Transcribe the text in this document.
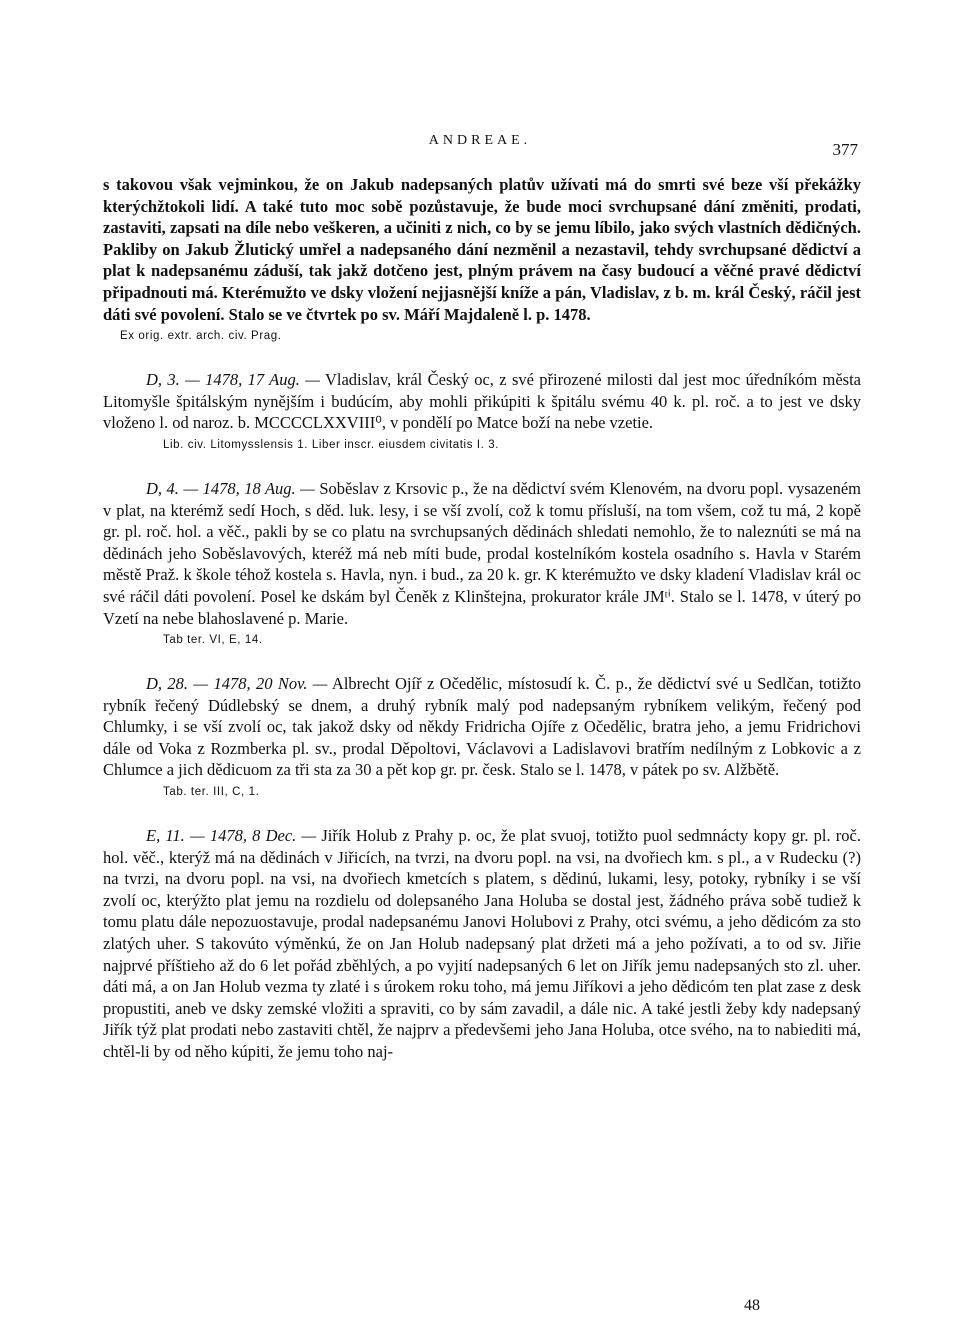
ANDREAE.	377

s takovou však vejminkou, že on Jakub nadepsaných platův užívati má do smrti své beze vší překážky kterýchžtokoli lidí. A také tuto moc sobě pozůstavuje, že bude moci svrchupsané dání změniti, prodati, zastaviti, zapsati na díle nebo veškeren, a učiniti z nich, co by se jemu líbilo, jako svých vlastních dědičných. Pakliby on Jakub Žlutický umřel a nadepsaného dání nezměnil a nezastavil, tehdy svrchupsané dědictví a plat k nadepsanému záduší, tak jakž dotčeno jest, plným právem na časy budoucí a věčné pravé dědictví připadnouti má. Kterémužto ve dsky vložení nejjasnější kníže a pán, Vladislav, z b. m. král Český, ráčil jest dáti své povolení. Stalo se ve čtvrtek po sv. Máří Majdaleně l. p. 1478.

Ex orig. extr. arch. civ. Prag.

D, 3. — 1478, 17 Aug. — Vladislav, král Český oc, z své přirozené milosti dal jest moc úředníkóm města Litomyšle špitálským nynějším i budúcím, aby mohli přikúpiti k špitálu svému 40 k. pl. roč. a to jest ve dsky vloženo l. od naroz. b. MCCCCLXXVIII⁰, v pondělí po Matce boží na nebe vzetie.

Lib. civ. Litomysslensis 1. Liber inscr. eiusdem civitatis I. 3.

D, 4. — 1478, 18 Aug. — Soběslav z Krsovic p., že na dědictví svém Klenovém, na dvoru popl. vysazeném v plat, na kterémž sedí Hoch, s děd. luk. lesy, i se vší zvolí, což k tomu přísluší, na tom všem, což tu má, 2 kopě gr. pl. roč. hol. a věč., pakli by se co platu na svrchupsaných dědinách shledati nemohlo, že to naleznúti se má na dědinách jeho Soběslavových, kteréž má neb míti bude, prodal kostelníkóm kostela osadního s. Havla v Starém městě Praž. k škole téhož kostela s. Havla, nyn. i bud., za 20 k. gr. K kterémužto ve dsky kladení Vladislav král oc své ráčil dáti povolení. Posel ke dskám byl Čeněk z Klinštejna, prokurator krále JMᵗⁱ. Stalo se l. 1478, v úterý po Vzetí na nebe blahoslavené p. Marie.

Tab ter. VI, E, 14.

D, 28. — 1478, 20 Nov. — Albrecht Ojíř z Očedělic, místosudí k. Č. p., že dědictví své u Sedlčan, totižto rybník řečený Dúdlebský se dnem, a druhý rybník malý pod nadepsaným rybníkem velikým, řečený pod Chlumky, i se vší zvolí oc, tak jakož dsky od někdy Fridricha Ojíře z Očedělic, bratra jeho, a jemu Fridrichovi dále od Voka z Rozmberka pl. sv., prodal Děpoltovi, Václavovi a Ladislavovi bratřím nedílným z Lobkovic a z Chlumce a jich dědicuom za tři sta za 30 a pět kop gr. pr. česk. Stalo se l. 1478, v pátek po sv. Alžbětě.

Tab. ter. III, C, 1.

E, 11. — 1478, 8 Dec. — Jiřík Holub z Prahy p. oc, že plat svuoj, totižto puol sedmnácty kopy gr. pl. roč. hol. věč., kterýž má na dědinách v Jiřicích, na tvrzi, na dvoru popl. na vsi, na dvořiech km. s pl., a v Rudecku (?) na tvrzi, na dvoru popl. na vsi, na dvořiech kmetcích s platem, s dědinú, lukami, lesy, potoky, rybníky i se vší zvolí oc, kterýžto plat jemu na rozdielu od dolepsaného Jana Holuba se dostal jest, žádného práva sobě tudiež k tomu platu dále nepozuostavuje, prodal nadepsanému Janovi Holubovi z Prahy, otci svému, a jeho dědicóm za sto zlatých uher. S takovúto výměnkú, že on Jan Holub nadepsaný plat držeti má a jeho požívati, a to od sv. Jiřie najprvé příštieho až do 6 let pořád zběhlých, a po vyjití nadepsaných 6 let on Jiřík jemu nadepsaných sto zl. uher. dáti má, a on Jan Holub vezma ty zlaté i s úrokem roku toho, má jemu Jiříkovi a jeho dědicóm ten plat zase z desk propustiti, aneb ve dsky zemské vložiti a spraviti, co by sám zavadil, a dále nic. A také jestli žeby kdy nadepsaný Jiřík týž plat prodati nebo zastaviti chtěl, že najprv a předevšemi jeho Jana Holuba, otce svého, na to nabiediti má, chtěl-li by od něho kúpiti, že jemu toho naj-

48
